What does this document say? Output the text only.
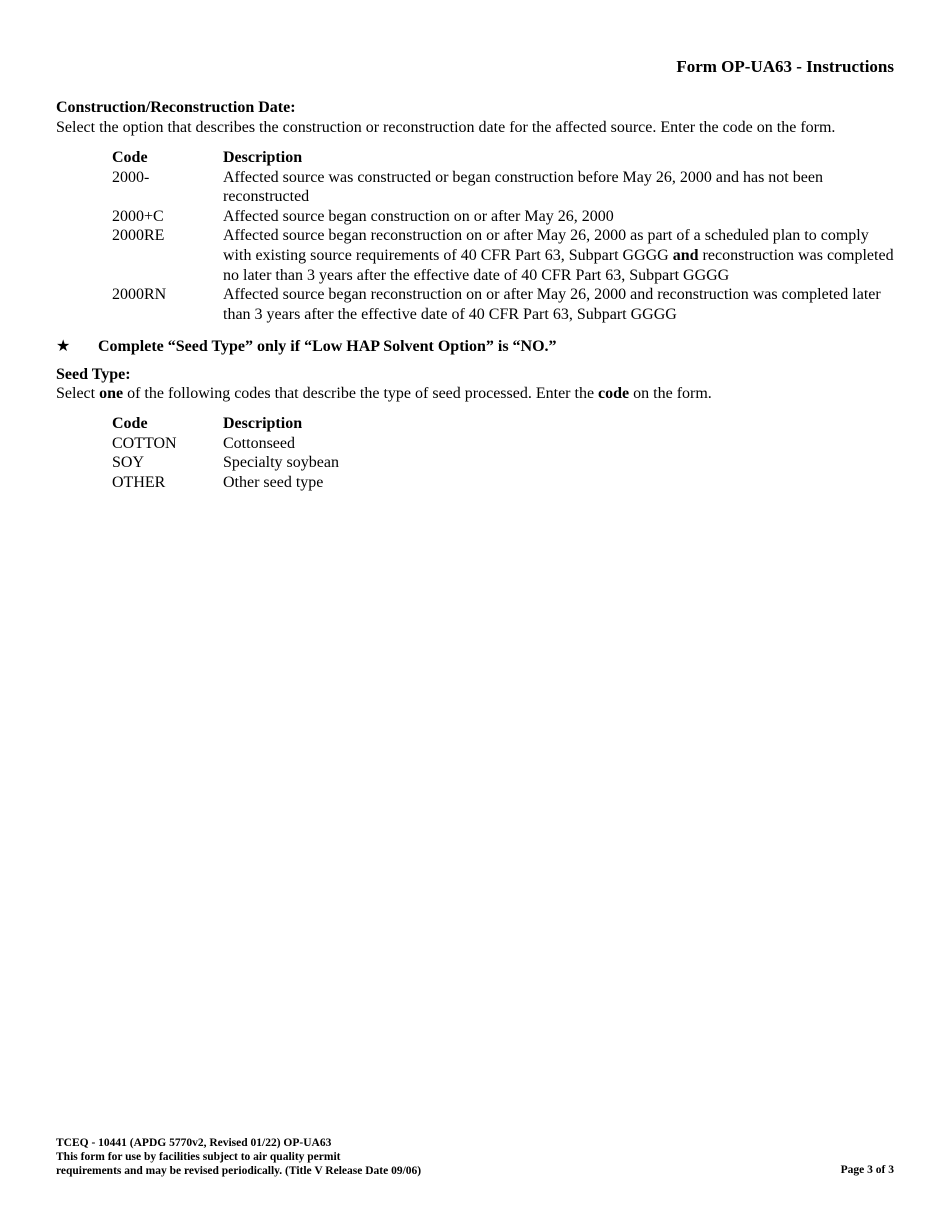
Form OP-UA63 - Instructions
Construction/Reconstruction Date:
Select the option that describes the construction or reconstruction date for the affected source. Enter the code on the form.
Code	Description
2000-	Affected source was constructed or began construction before May 26, 2000 and has not been reconstructed
2000+C	Affected source began construction on or after May 26, 2000
2000RE	Affected source began reconstruction on or after May 26, 2000 as part of a scheduled plan to comply with existing source requirements of 40 CFR Part 63, Subpart GGGG and reconstruction was completed no later than 3 years after the effective date of 40 CFR Part 63, Subpart GGGG
2000RN	Affected source began reconstruction on or after May 26, 2000 and reconstruction was completed later than 3 years after the effective date of 40 CFR Part 63, Subpart GGGG
★ Complete “Seed Type” only if “Low HAP Solvent Option” is “NO.”
Seed Type:
Select one of the following codes that describe the type of seed processed. Enter the code on the form.
Code	Description
COTTON	Cottonseed
SOY	Specialty soybean
OTHER	Other seed type
TCEQ - 10441 (APDG 5770v2, Revised 01/22) OP-UA63
This form for use by facilities subject to air quality permit
requirements and may be revised periodically. (Title V Release Date 09/06)	Page 3 of 3
